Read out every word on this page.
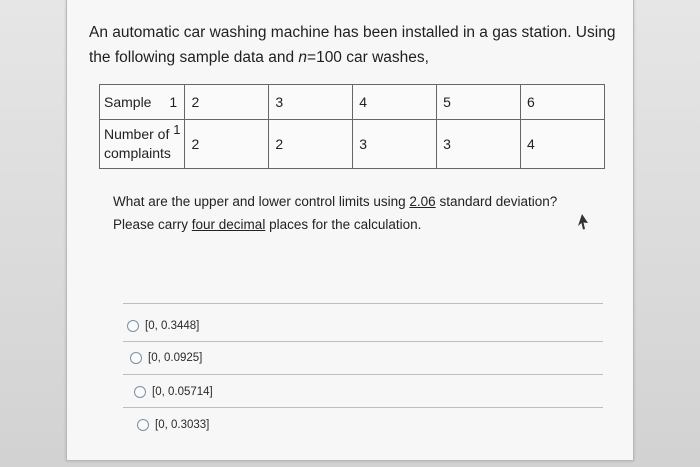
An automatic car washing machine has been installed in a gas station. Using the following sample data and n=100 car washes,
Sample 1	2	3	4	5	6

Number of 1
complaints	2	2	3	3	4
What are the upper and lower control limits using 2.06 standard deviation?
Please carry four decimal places for the calculation.
[0, 0.3448]
[0, 0.0925]
[0, 0.05714]
[0, 0.3033]
